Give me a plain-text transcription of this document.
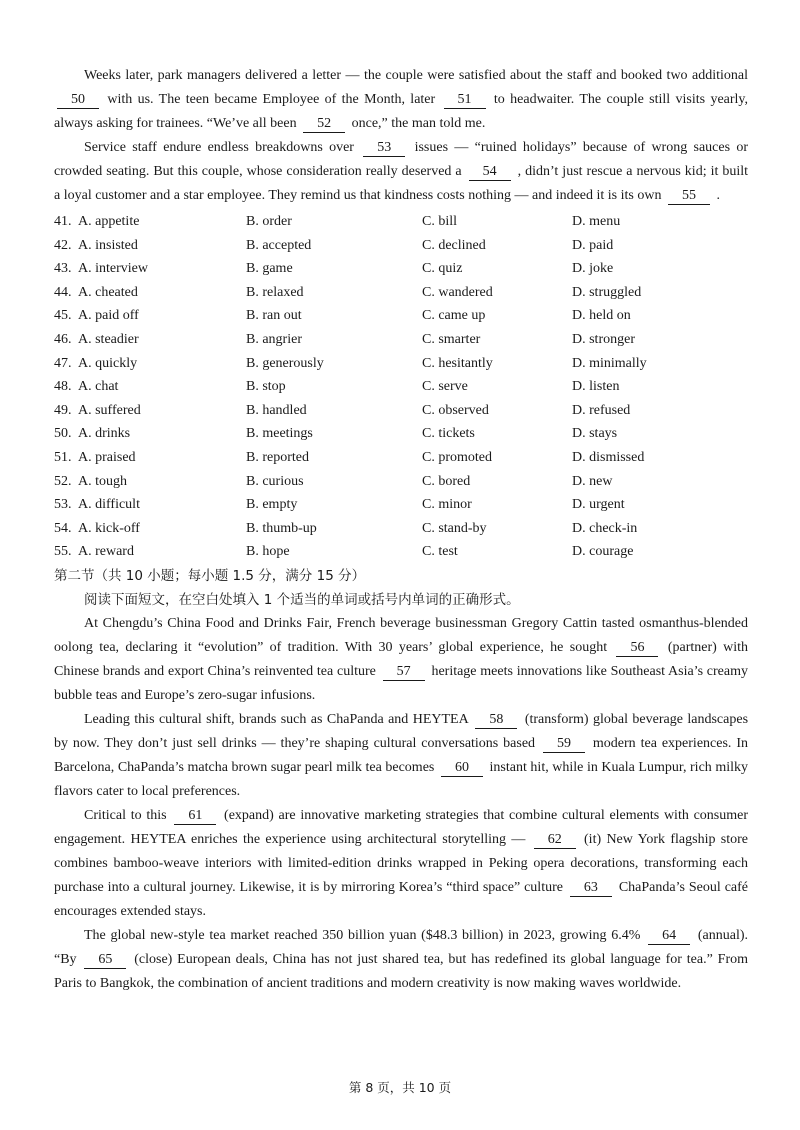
Weeks later, park managers delivered a letter — the couple were satisfied about the staff and booked two additional 50 with us. The teen became Employee of the Month, later 51 to headwaiter. The couple still visits yearly, always asking for trainees. “We’ve all been 52 once,” the man told me.

Service staff endure endless breakdowns over 53 issues — “ruined holidays” because of wrong sauces or crowded seating. But this couple, whose consideration really deserved a 54 , didn’t just rescue a nervous kid; it built a loyal customer and a star employee. They remind us that kindness costs nothing — and indeed it is its own 55 .

41. A. appetite	B. order	C. bill	D. menu
42. A. insisted	B. accepted	C. declined	D. paid
43. A. interview	B. game	C. quiz	D. joke
44. A. cheated	B. relaxed	C. wandered	D. struggled
45. A. paid off	B. ran out	C. came up	D. held on
46. A. steadier	B. angrier	C. smarter	D. stronger
47. A. quickly	B. generously	C. hesitantly	D. minimally
48. A. chat	B. stop	C. serve	D. listen
49. A. suffered	B. handled	C. observed	D. refused
50. A. drinks	B. meetings	C. tickets	D. stays
51. A. praised	B. reported	C. promoted	D. dismissed
52. A. tough	B. curious	C. bored	D. new
53. A. difficult	B. empty	C. minor	D. urgent
54. A. kick-off	B. thumb-up	C. stand-by	D. check-in
55. A. reward	B. hope	C. test	D. courage

第二节（共 10 小题；每小题 1.5 分，满分 15 分）

阅读下面短文，在空白处填入 1 个适当的单词或括号内单词的正确形式。

At Chengdu’s China Food and Drinks Fair, French beverage businessman Gregory Cattin tasted osmanthus-blended oolong tea, declaring it “evolution” of tradition. With 30 years’ global experience, he sought 56 (partner) with Chinese brands and export China’s reinvented tea culture 57 heritage meets innovations like Southeast Asia’s creamy bubble teas and Europe’s zero-sugar infusions.

Leading this cultural shift, brands such as ChaPanda and HEYTEA 58 (transform) global beverage landscapes by now. They don’t just sell drinks — they’re shaping cultural conversations based 59 modern tea experiences. In Barcelona, ChaPanda’s matcha brown sugar pearl milk tea becomes 60 instant hit, while in Kuala Lumpur, rich milky flavors cater to local preferences.

Critical to this 61 (expand) are innovative marketing strategies that combine cultural elements with consumer engagement. HEYTEA enriches the experience using architectural storytelling — 62 (it) New York flagship store combines bamboo-weave interiors with limited-edition drinks wrapped in Peking opera decorations, transforming each purchase into a cultural journey. Likewise, it is by mirroring Korea’s “third space” culture 63 ChaPanda’s Seoul café encourages extended stays.

The global new-style tea market reached 350 billion yuan ($48.3 billion) in 2023, growing 6.4% 64 (annual). “By 65 (close) European deals, China has not just shared tea, but has redefined its global language for tea.” From Paris to Bangkok, the combination of ancient traditions and modern creativity is now making waves worldwide.

第 8 页，共 10 页
